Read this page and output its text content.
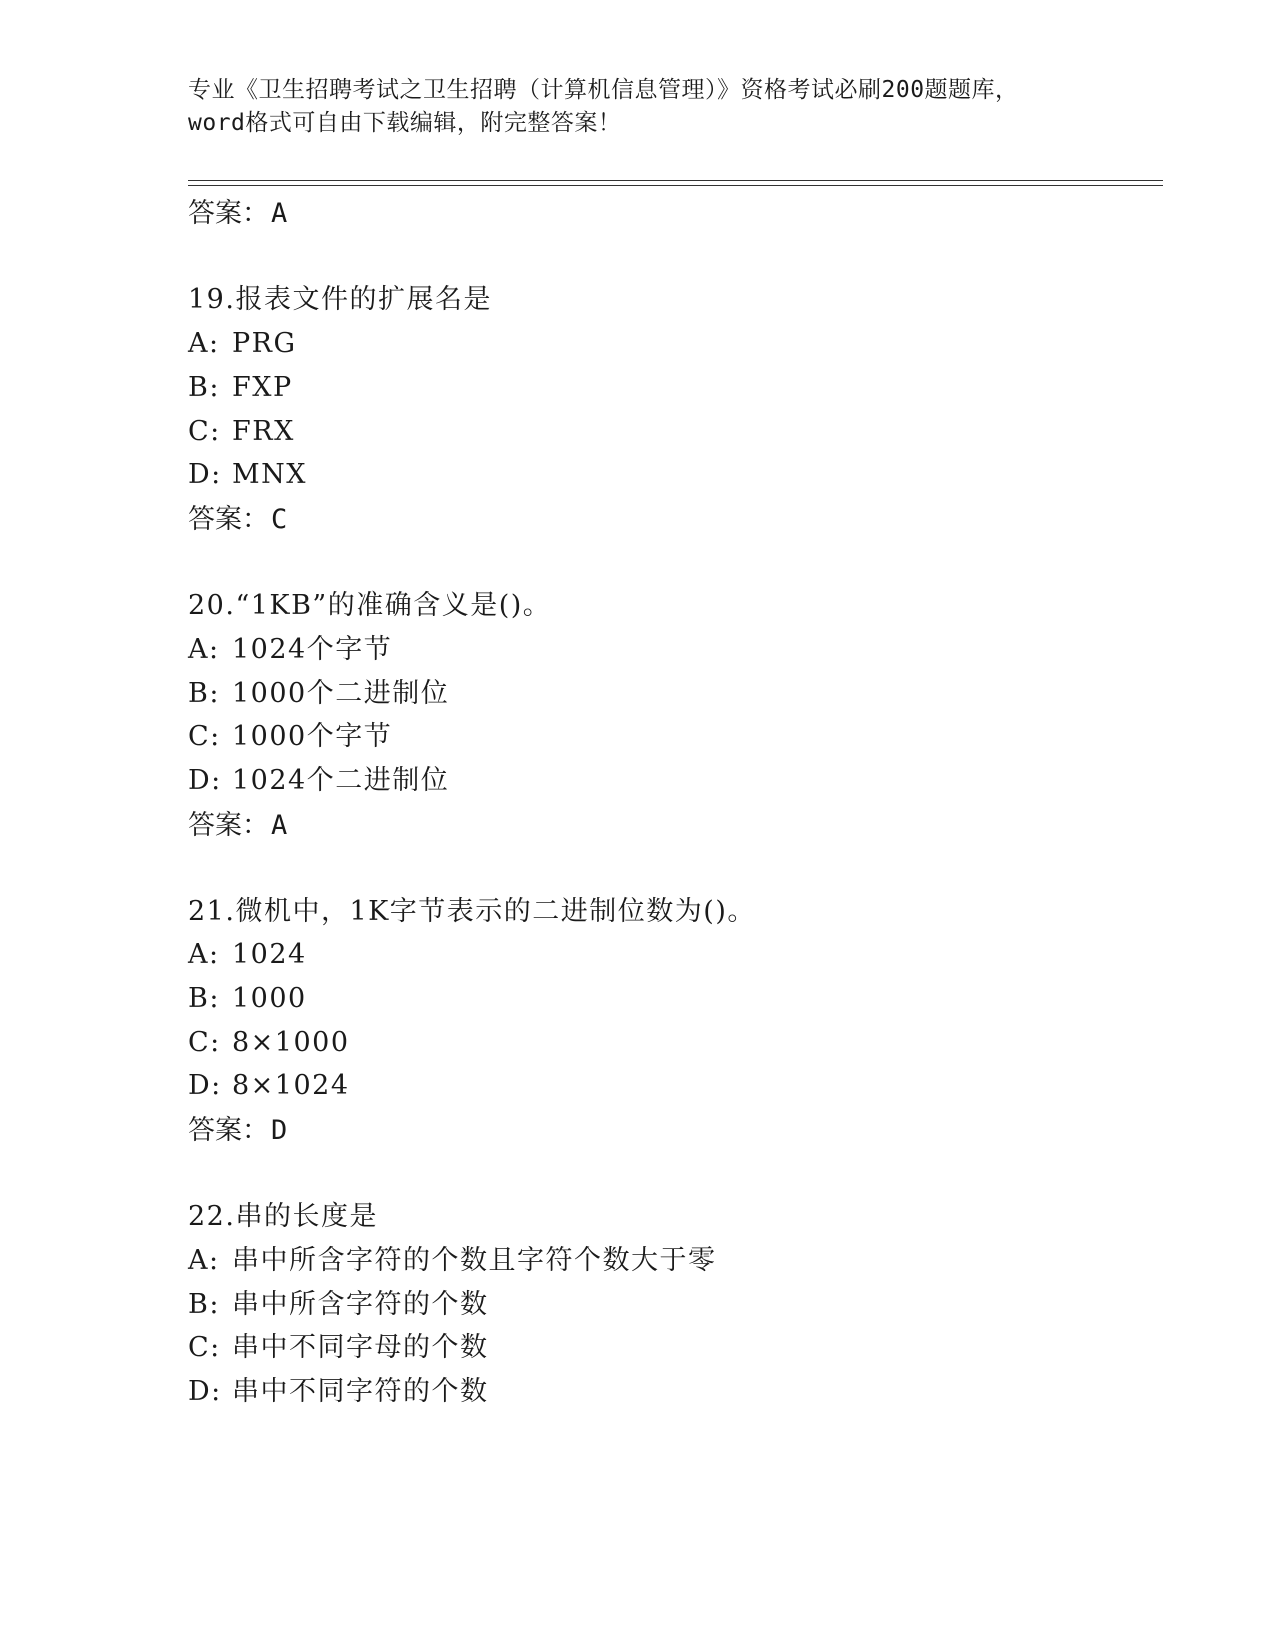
专业《卫生招聘考试之卫生招聘（计算机信息管理）》资格考试必刷200题题库，
word格式可自由下载编辑，附完整答案！
答案：A
19.报表文件的扩展名是
A: PRG
B: FXP
C: FRX
D: MNX
答案：C
20.“1KB”的准确含义是()。
A: 1024个字节
B: 1000个二进制位
C: 1000个字节
D: 1024个二进制位
答案：A
21.微机中，1K字节表示的二进制位数为()。
A: 1024
B: 1000
C: 8×1000
D: 8×1024
答案：D
22.串的长度是
A: 串中所含字符的个数且字符个数大于零
B: 串中所含字符的个数
C: 串中不同字母的个数
D: 串中不同字符的个数
